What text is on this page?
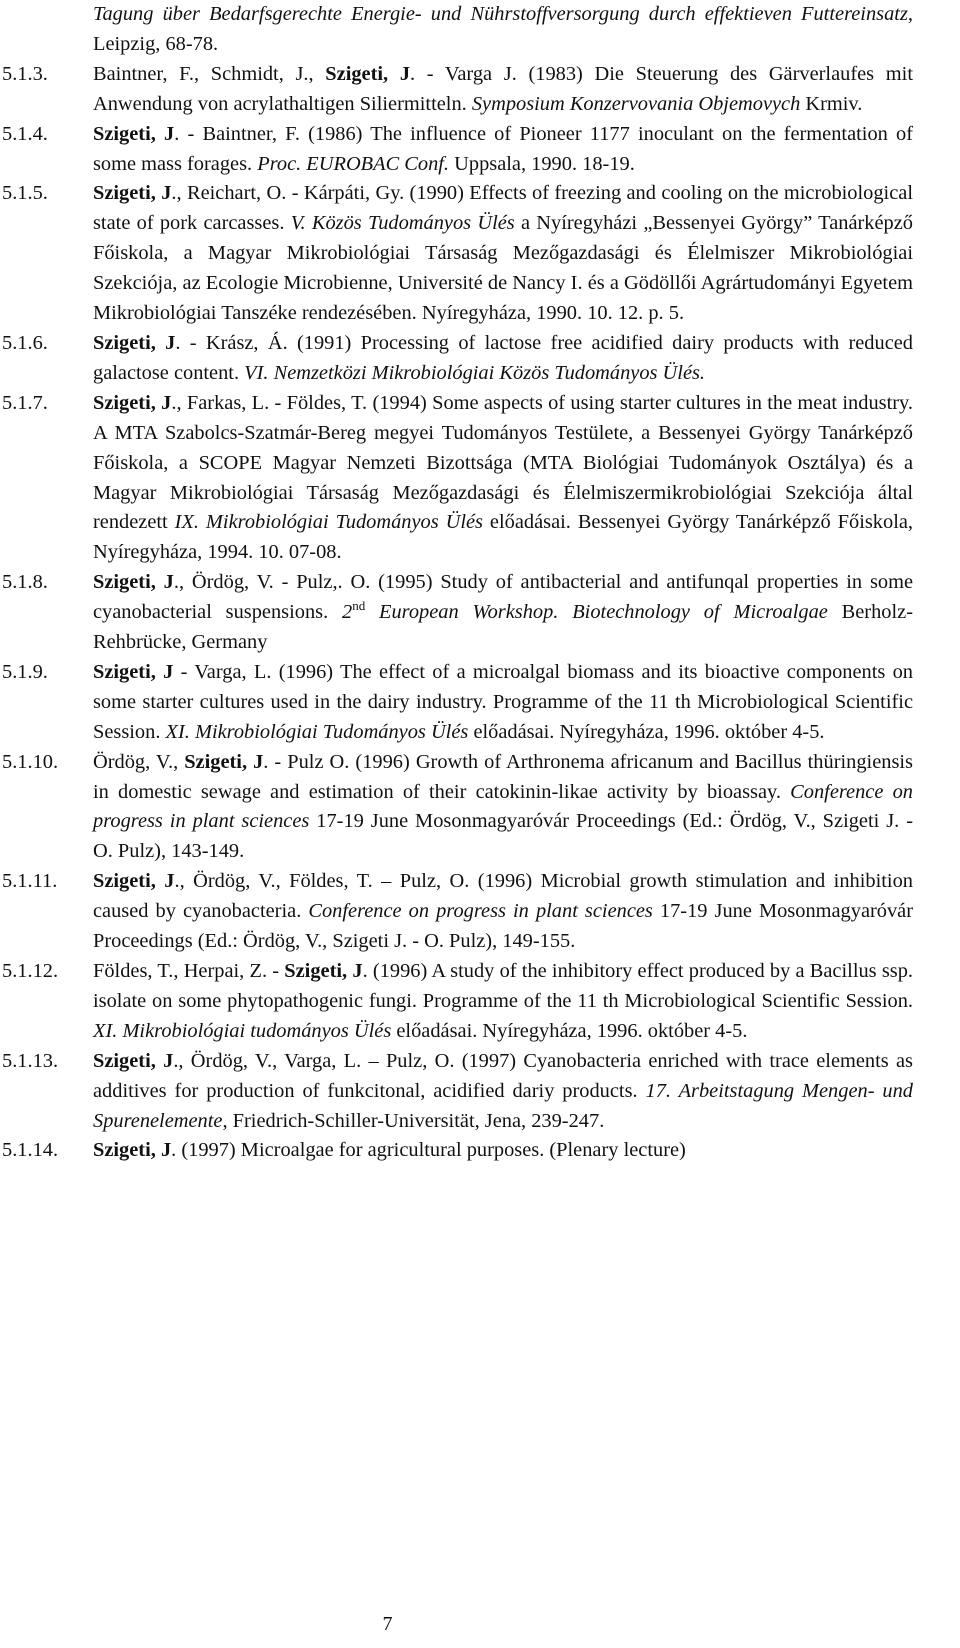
Tagung über Bedarfsgerechte Energie- und Nührstoffversorgung durch effektieven Futtereinsatz, Leipzig, 68-78.
5.1.3.	Baintner, F., Schmidt, J., Szigeti, J. - Varga J. (1983) Die Steuerung des Gärverlaufes mit Anwendung von acrylathaltigen Siliermitteln. Symposium Konzervovania Objemovych Krmiv.
5.1.4.	Szigeti, J. - Baintner, F. (1986) The influence of Pioneer 1177 inoculant on the fermentation of some mass forages. Proc. EUROBAC Conf. Uppsala, 1990. 18-19.
5.1.5.	Szigeti, J., Reichart, O. - Kárpáti, Gy. (1990) Effects of freezing and cooling on the microbiological state of pork carcasses. V. Közös Tudományos Ülés a Nyíregyházi „Bessenyei György” Tanárképző Főiskola, a Magyar Mikrobiológiai Társaság Mezőgazdasági és Élelmiszer Mikrobiológiai Szekciója, az Ecologie Microbienne, Université de Nancy I. és a Gödöllői Agrártudományi Egyetem Mikrobiológiai Tanszéke rendezésében. Nyíregyháza, 1990. 10. 12. p. 5.
5.1.6.	Szigeti, J. - Krász, Á. (1991) Processing of lactose free acidified dairy products with reduced galactose content. VI. Nemzetközi Mikrobiológiai Közös Tudományos Ülés.
5.1.7.	Szigeti, J., Farkas, L. - Földes, T. (1994) Some aspects of using starter cultures in the meat industry. A MTA Szabolcs-Szatmár-Bereg megyei Tudományos Testülete, a Bessenyei György Tanárképző Főiskola, a SCOPE Magyar Nemzeti Bizottsága (MTA Biológiai Tudományok Osztálya) és a Magyar Mikrobiológiai Társaság Mezőgazdasági és Élelmiszermikrobiológiai Szekciója által rendezett IX. Mikrobiológiai Tudományos Ülés előadásai. Bessenyei György Tanárképző Főiskola, Nyíregyháza, 1994. 10. 07-08.
5.1.8.	Szigeti, J., Ördög, V. - Pulz,. O. (1995) Study of antibacterial and antifunqal properties in some cyanobacterial suspensions. 2nd European Workshop. Biotechnology of Microalgae Berholz-Rehbrücke, Germany
5.1.9.	Szigeti, J - Varga, L. (1996) The effect of a microalgal biomass and its bioactive components on some starter cultures used in the dairy industry. Programme of the 11 th Microbiological Scientific Session. XI. Mikrobiológiai Tudományos Ülés előadásai. Nyíregyháza, 1996. október 4-5.
5.1.10.	Ördög, V., Szigeti, J. - Pulz O. (1996) Growth of Arthronema africanum and Bacillus thüringiensis in domestic sewage and estimation of their catokinin-likae activity by bioassay. Conference on progress in plant sciences 17-19 June Mosonmagyaróvár Proceedings (Ed.: Ördög, V., Szigeti J. - O. Pulz), 143-149.
5.1.11.	Szigeti, J., Ördög, V., Földes, T. – Pulz, O. (1996) Microbial growth stimulation and inhibition caused by cyanobacteria. Conference on progress in plant sciences 17-19 June Mosonmagyaróvár Proceedings (Ed.: Ördög, V., Szigeti J. - O. Pulz), 149-155.
5.1.12.	Földes, T., Herpai, Z. - Szigeti, J. (1996) A study of the inhibitory effect produced by a Bacillus ssp. isolate on some phytopathogenic fungi. Programme of the 11 th Microbiological Scientific Session. XI. Mikrobiológiai tudományos Ülés előadásai. Nyíregyháza, 1996. október 4-5.
5.1.13.	Szigeti, J., Ördög, V., Varga, L. – Pulz, O. (1997) Cyanobacteria enriched with trace elements as additives for production of funkcitonal, acidified dariy products. 17. Arbeitstagung Mengen- und Spurenelemente, Friedrich-Schiller-Universität, Jena, 239-247.
5.1.14.	Szigeti, J. (1997) Microalgae for agricultural purposes. (Plenary lecture)
7
